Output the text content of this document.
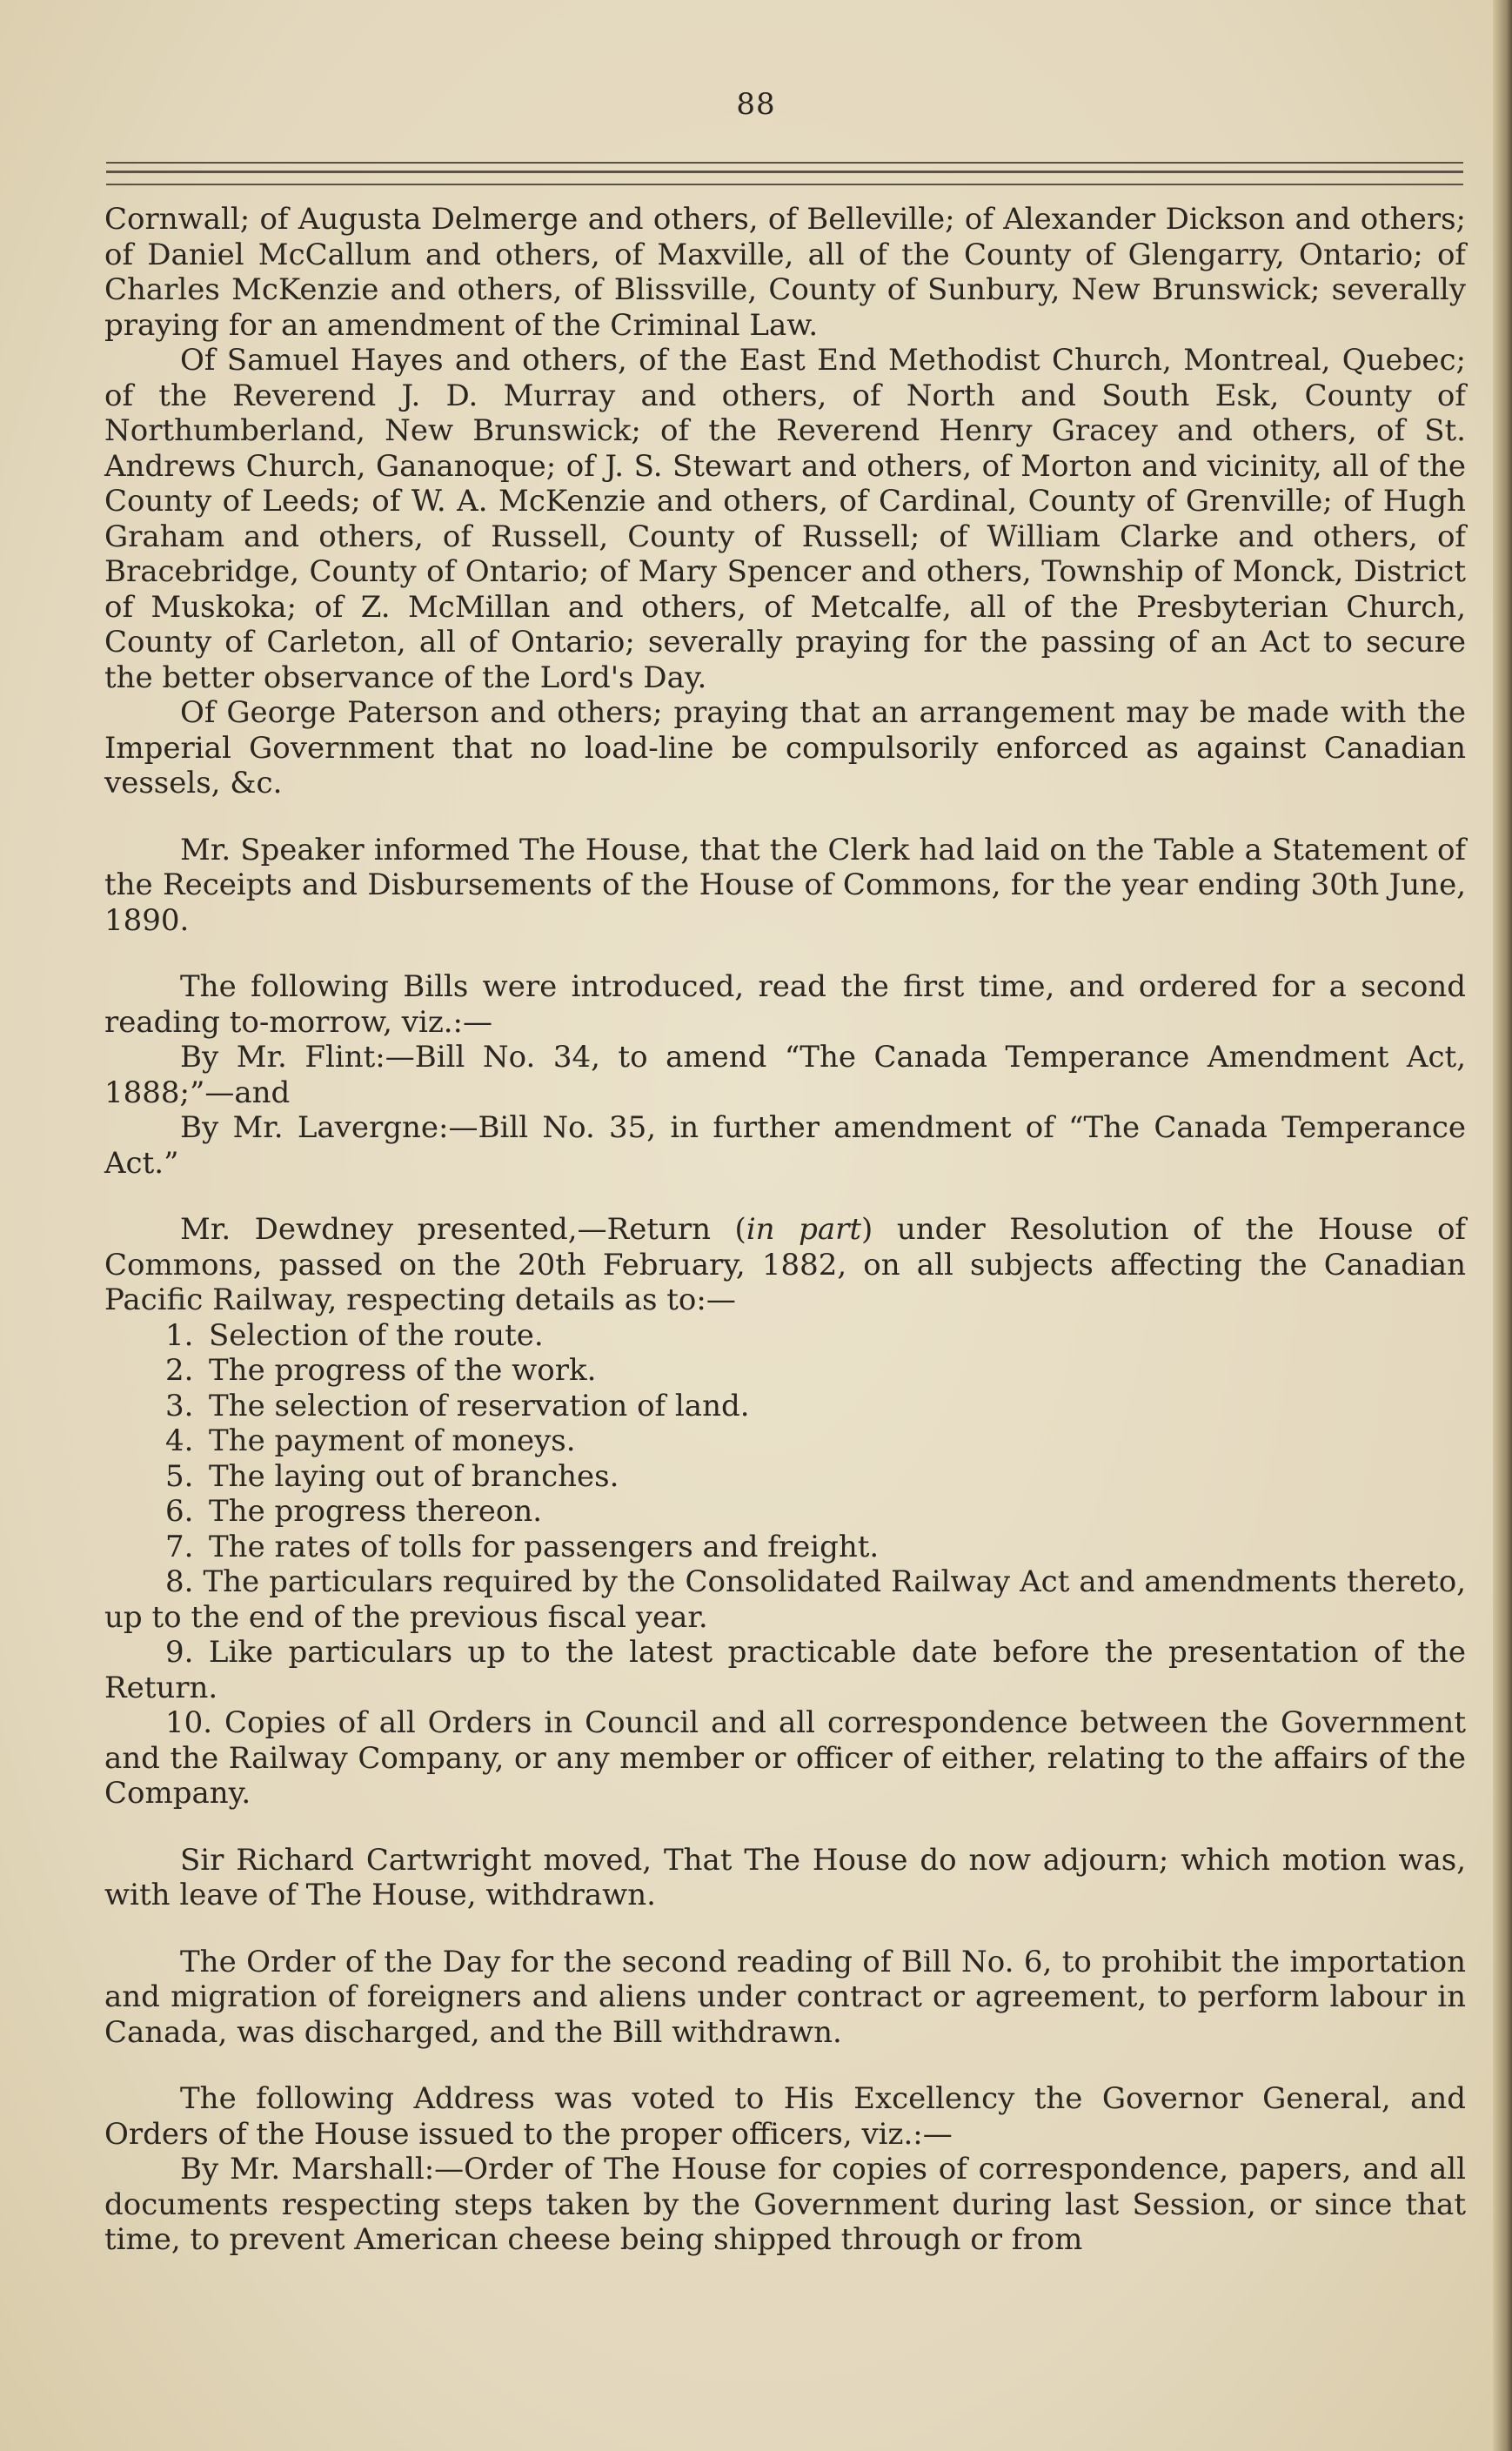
88

Cornwall; of Augusta Delmerge and others, of Belleville; of Alexander Dickson and others; of Daniel McCallum and others, of Maxville, all of the County of Glengarry, Ontario; of Charles McKenzie and others, of Blissville, County of Sunbury, New Brunswick; severally praying for an amendment of the Criminal Law.

Of Samuel Hayes and others, of the East End Methodist Church, Montreal, Quebec; of the Reverend J. D. Murray and others, of North and South Esk, County of Northumberland, New Brunswick; of the Reverend Henry Gracey and others, of St. Andrews Church, Gananoque; of J. S. Stewart and others, of Morton and vicinity, all of the County of Leeds; of W. A. McKenzie and others, of Cardinal, County of Grenville; of Hugh Graham and others, of Russell, County of Russell; of William Clarke and others, of Bracebridge, County of Ontario; of Mary Spencer and others, Township of Monck, District of Muskoka; of Z. McMillan and others, of Metcalfe, all of the Presbyterian Church, County of Carleton, all of Ontario; severally praying for the passing of an Act to secure the better observance of the Lord's Day.

Of George Paterson and others; praying that an arrangement may be made with the Imperial Government that no load-line be compulsorily enforced as against Canadian vessels, &c.

Mr. Speaker informed The House, that the Clerk had laid on the Table a Statement of the Receipts and Disbursements of the House of Commons, for the year ending 30th June, 1890.

The following Bills were introduced, read the first time, and ordered for a second reading to-morrow, viz.:—

By Mr. Flint:—Bill No. 34, to amend “The Canada Temperance Amendment Act, 1888;”—and

By Mr. Lavergne:—Bill No. 35, in further amendment of “The Canada Temperance Act.”

Mr. Dewdney presented,—Return (in part) under Resolution of the House of Commons, passed on the 20th February, 1882, on all subjects affecting the Canadian Pacific Railway, respecting details as to:—

1. Selection of the route.

2. The progress of the work.

3. The selection of reservation of land.

4. The payment of moneys.

5. The laying out of branches.

6. The progress thereon.

7. The rates of tolls for passengers and freight.

8. The particulars required by the Consolidated Railway Act and amendments thereto, up to the end of the previous fiscal year.

9. Like particulars up to the latest practicable date before the presentation of the Return.

10. Copies of all Orders in Council and all correspondence between the Government and the Railway Company, or any member or officer of either, relating to the affairs of the Company.

Sir Richard Cartwright moved, That The House do now adjourn; which motion was, with leave of The House, withdrawn.

The Order of the Day for the second reading of Bill No. 6, to prohibit the importation and migration of foreigners and aliens under contract or agreement, to perform labour in Canada, was discharged, and the Bill withdrawn.

The following Address was voted to His Excellency the Governor General, and Orders of the House issued to the proper officers, viz.:—

By Mr. Marshall:—Order of The House for copies of correspondence, papers, and all documents respecting steps taken by the Government during last Session, or since that time, to prevent American cheese being shipped through or from
